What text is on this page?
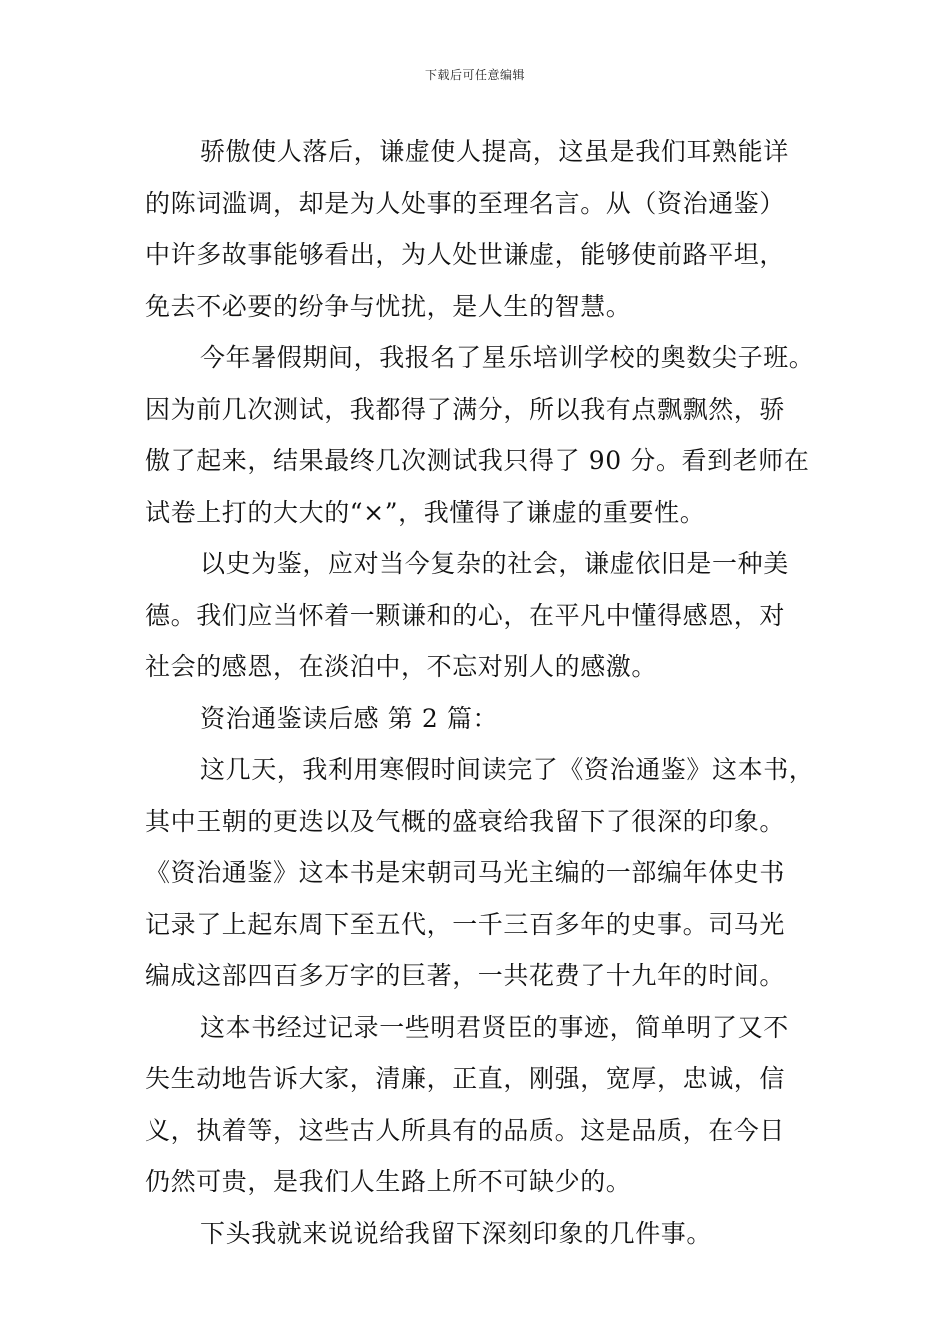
下载后可任意编辑
骄傲使人落后，谦虚使人提高，这虽是我们耳熟能详
的陈词滥调，却是为人处事的至理名言。从（资治通鉴）
中许多故事能够看出，为人处世谦虚，能够使前路平坦，
免去不必要的纷争与忧扰，是人生的智慧。
今年暑假期间，我报名了星乐培训学校的奥数尖子班。
因为前几次测试，我都得了满分，所以我有点飘飘然，骄
傲了起来，结果最终几次测试我只得了 90 分。看到老师在
试卷上打的大大的“×”，我懂得了谦虚的重要性。
以史为鉴，应对当今复杂的社会，谦虚依旧是一种美
德。我们应当怀着一颗谦和的心，在平凡中懂得感恩，对
社会的感恩，在淡泊中，不忘对别人的感激。
资治通鉴读后感 第 2 篇：
这几天，我利用寒假时间读完了《资治通鉴》这本书，
其中王朝的更迭以及气概的盛衰给我留下了很深的印象。
《资治通鉴》这本书是宋朝司马光主编的一部编年体史书
记录了上起东周下至五代，一千三百多年的史事。司马光
编成这部四百多万字的巨著，一共花费了十九年的时间。
这本书经过记录一些明君贤臣的事迹，简单明了又不
失生动地告诉大家，清廉，正直，刚强，宽厚，忠诚，信
义，执着等，这些古人所具有的品质。这是品质，在今日
仍然可贵，是我们人生路上所不可缺少的。
下头我就来说说给我留下深刻印象的几件事。
